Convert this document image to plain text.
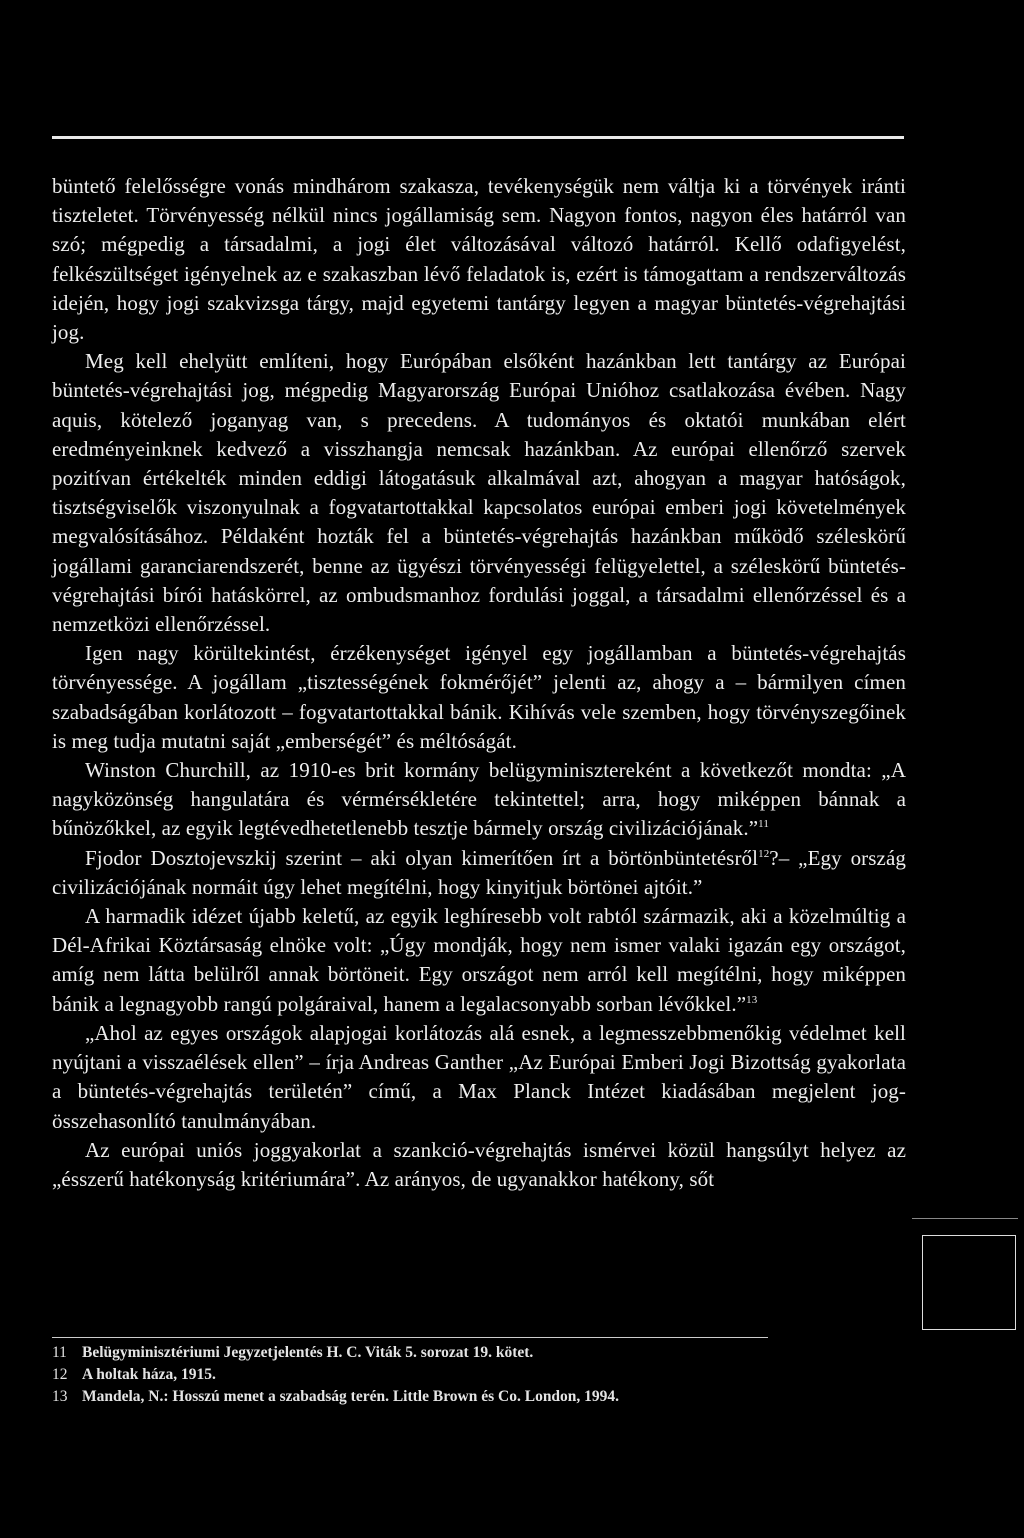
büntető felelősségre vonás mindhárom szakasza, tevékenységük nem váltja ki a törvények iránti tiszteletet. Törvényesség nélkül nincs jogállamiság sem. Nagyon fontos, nagyon éles határról van szó; mégpedig a társadalmi, a jogi élet változásával változó határról. Kellő odafigyelést, felkészültséget igényelnek az e szakaszban lévő feladatok is, ezért is támogattam a rendszerváltozás idején, hogy jogi szakvizsga tárgy, majd egyetemi tantárgy legyen a magyar büntetés-végrehajtási jog.

Meg kell ehelyütt említeni, hogy Európában elsőként hazánkban lett tantárgy az Európai büntetés-végrehajtási jog, mégpedig Magyarország Európai Unióhoz csatlakozása évében. Nagy aquis, kötelező joganyag van, s precedens. A tudományos és oktatói munkában elért eredményeinknek kedvező a visszhangja nemcsak hazánkban. Az európai ellenőrző szervek pozitívan értékelték minden eddigi látogatásuk alkalmával azt, ahogyan a magyar hatóságok, tisztségviselők viszonyulnak a fogvatartottakkal kapcsolatos európai emberi jogi követelmények megvalósításához. Példaként hozták fel a büntetés-végrehajtás hazánkban működő széleskörű jogállami garanciarendszerét, benne az ügyészi törvényességi felügyelettel, a széleskörű büntetés-végrehajtási bírói hatáskörrel, az ombudsmanhoz fordulási joggal, a társadalmi ellenőrzéssel és a nemzetközi ellenőrzéssel.

Igen nagy körültekintést, érzékenységet igényel egy jogállamban a büntetés-végrehajtás törvényessége. A jogállam „tisztességének fokmérőjét” jelenti az, ahogy a – bármilyen címen szabadságában korlátozott – fogvatartottakkal bánik. Kihívás vele szemben, hogy törvényszegőinek is meg tudja mutatni saját „emberségét” és méltóságát.

Winston Churchill, az 1910-es brit kormány belügyminisztereként a következőt mondta: „A nagyközönség hangulatára és vérmérsékletére tekintettel; arra, hogy miképpen bánnak a bűnözőkkel, az egyik legtévedhetetlenebb tesztje bármely ország civilizációjának.”$^{11}$

Fjodor Dosztojevszkij szerint – aki olyan kimerítően írt a börtönbüntetésről$^{12}$?– „Egy ország civilizációjának normáit úgy lehet megítélni, hogy kinyitjuk börtönei ajtóit.”

A harmadik idézet újabb keletű, az egyik leghíresebb volt rabtól származik, aki a közelmúltig a Dél-Afrikai Köztársaság elnöke volt: „Úgy mondják, hogy nem ismer valaki igazán egy országot, amíg nem látta belülről annak börtöneit. Egy országot nem arról kell megítélni, hogy miképpen bánik a legnagyobb rangú polgáraival, hanem a legalacsonyabb sorban lévőkkel.”$^{13}$

„Ahol az egyes országok alapjogai korlátozás alá esnek, a legmesszebbmenőkig védelmet kell nyújtani a visszaélések ellen” – írja Andreas Ganther „Az Európai Emberi Jogi Bizottság gyakorlata a büntetés-végrehajtás területén” című, a Max Planck Intézet kiadásában megjelent jog-összehasonlító tanulmányában.

Az európai uniós joggyakorlat a szankció-végrehajtás ismérvei közül hangsúlyt helyez az „ésszerű hatékonyság kritériumára”. Az arányos, de ugyanakkor hatékony, sőt

11 Belügyminisztériumi Jegyzetjelentés H. C. Viták 5. sorozat 19. kötet.
12 A holtak háza, 1915.
13 Mandela, N.: Hosszú menet a szabadság terén. Little Brown és Co. London, 1994.
